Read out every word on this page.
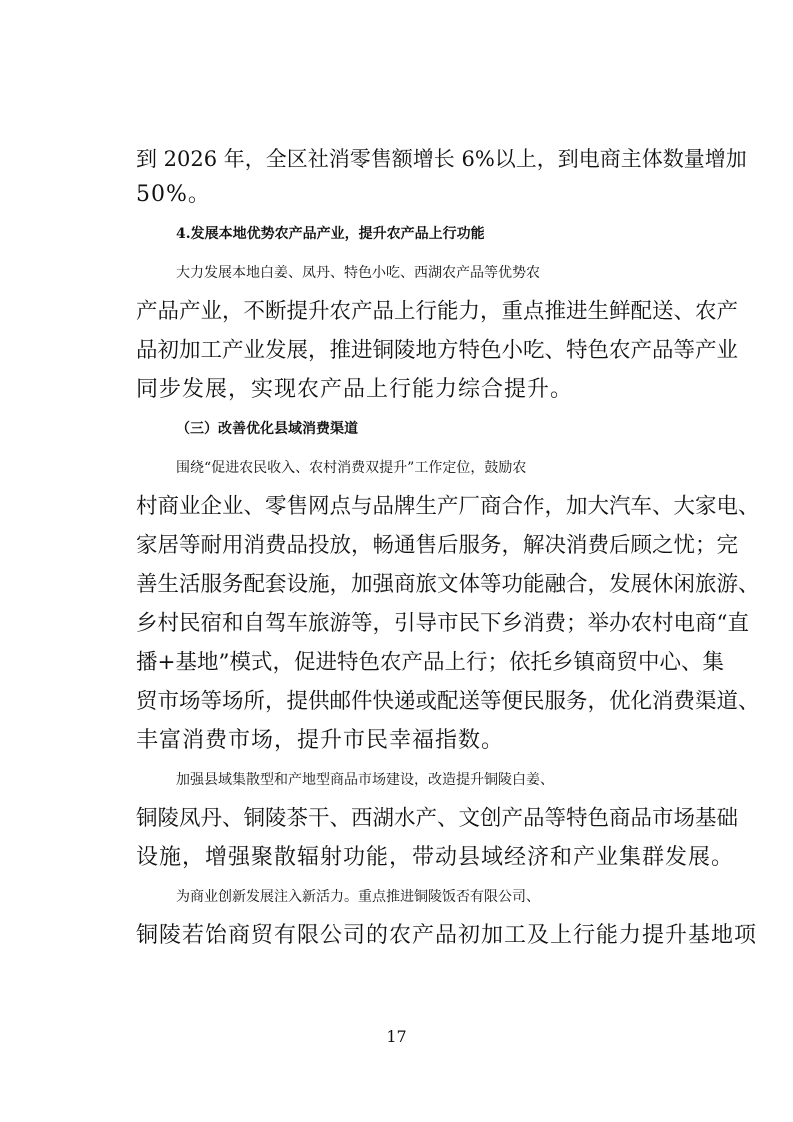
到 2026 年，全区社消零售额增长 6%以上，到电商主体数量增加
50%。
4.发展本地优势农产品产业，提升农产品上行功能
大力发展本地白姜、凤丹、特色小吃、西湖农产品等优势农
产品产业，不断提升农产品上行能力，重点推进生鲜配送、农产
品初加工产业发展，推进铜陵地方特色小吃、特色农产品等产业
同步发展，实现农产品上行能力综合提升。
（三）改善优化县域消费渠道
围绕“促进农民收入、农村消费双提升”工作定位，鼓励农
村商业企业、零售网点与品牌生产厂商合作，加大汽车、大家电、
家居等耐用消费品投放，畅通售后服务，解决消费后顾之忧；完
善生活服务配套设施，加强商旅文体等功能融合，发展休闲旅游、
乡村民宿和自驾车旅游等，引导市民下乡消费；举办农村电商“直
播+基地”模式，促进特色农产品上行；依托乡镇商贸中心、集
贸市场等场所，提供邮件快递或配送等便民服务，优化消费渠道、
丰富消费市场，提升市民幸福指数。
加强县域集散型和产地型商品市场建设，改造提升铜陵白姜、
铜陵凤丹、铜陵茶干、西湖水产、文创产品等特色商品市场基础
设施，增强聚散辐射功能，带动县域经济和产业集群发展。
为商业创新发展注入新活力。重点推进铜陵饭否有限公司、
铜陵若饴商贸有限公司的农产品初加工及上行能力提升基地项
17
